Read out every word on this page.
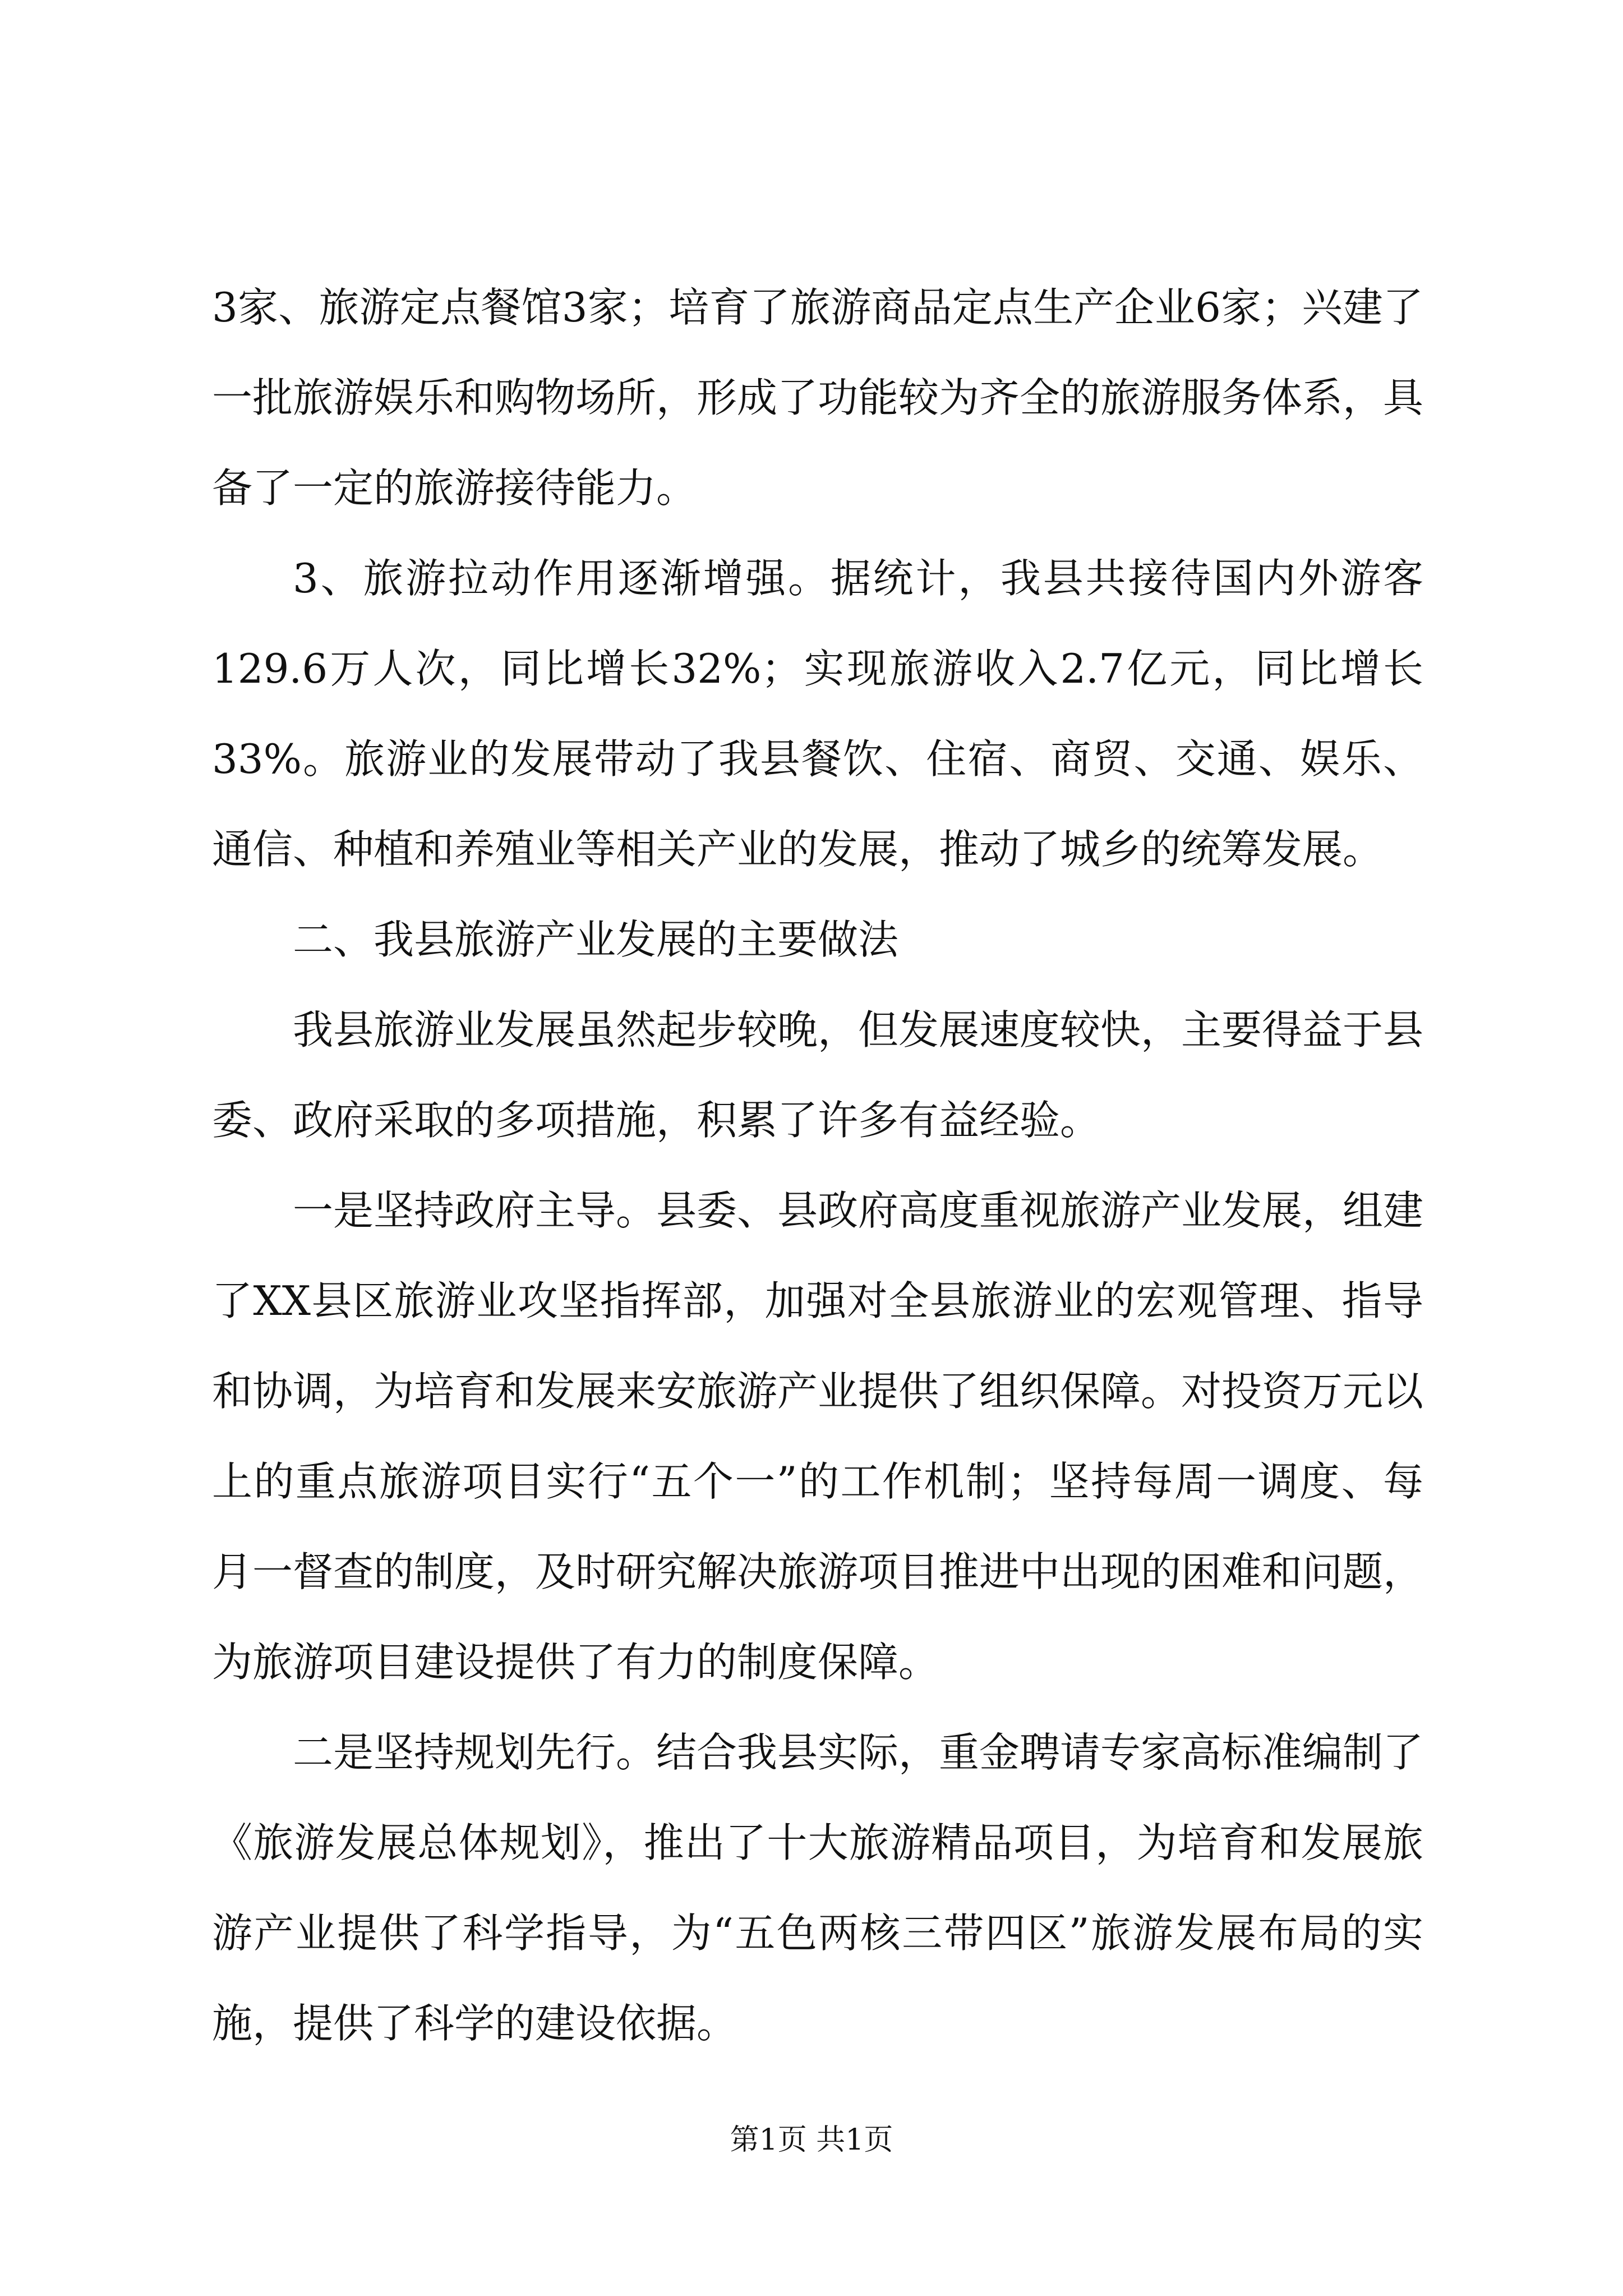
3家、旅游定点餐馆3家；培育了旅游商品定点生产企业6家；兴建了一批旅游娱乐和购物场所，形成了功能较为齐全的旅游服务体系，具备了一定的旅游接待能力。

3、旅游拉动作用逐渐增强。据统计，我县共接待国内外游客129.6万人次，同比增长32%；实现旅游收入2.7亿元，同比增长33%。旅游业的发展带动了我县餐饮、住宿、商贸、交通、娱乐、通信、种植和养殖业等相关产业的发展，推动了城乡的统筹发展。

二、我县旅游产业发展的主要做法

我县旅游业发展虽然起步较晚，但发展速度较快，主要得益于县委、政府采取的多项措施，积累了许多有益经验。

一是坚持政府主导。县委、县政府高度重视旅游产业发展，组建了XX县区旅游业攻坚指挥部，加强对全县旅游业的宏观管理、指导和协调，为培育和发展来安旅游产业提供了组织保障。对投资万元以上的重点旅游项目实行“五个一”的工作机制；坚持每周一调度、每月一督查的制度，及时研究解决旅游项目推进中出现的困难和问题，为旅游项目建设提供了有力的制度保障。

二是坚持规划先行。结合我县实际，重金聘请专家高标准编制了《旅游发展总体规划》，推出了十大旅游精品项目，为培育和发展旅游产业提供了科学指导，为“五色两核三带四区”旅游发展布局的实施，提供了科学的建设依据。

第1页 共1页
